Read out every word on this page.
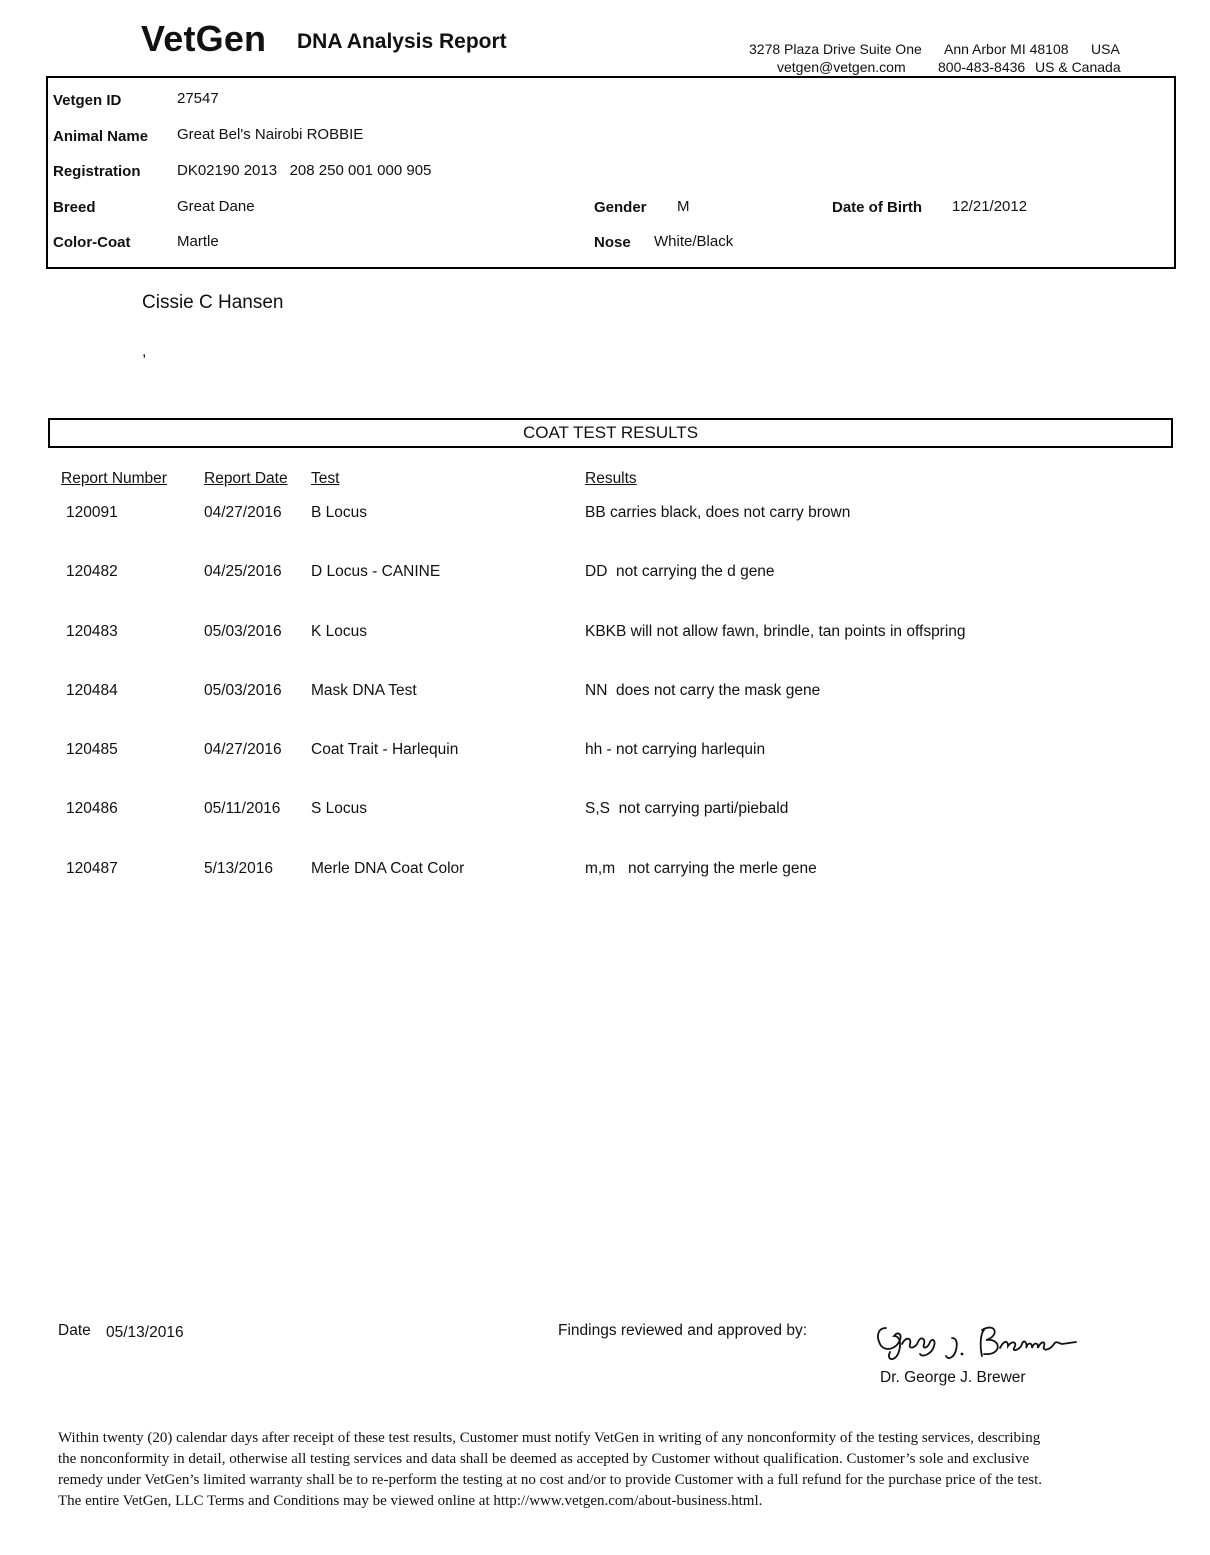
VetGen DNA Analysis Report	3278 Plaza Drive Suite One Ann Arbor MI 48108 USA
vetgen@vetgen.com 800-483-8436 US & Canada
Vetgen ID	27547
Animal Name Great Bel's Nairobi ROBBIE
Registration DK02190 2013   208 250 001 000 905
Breed	Great Dane	Gender M	Date of Birth 12/21/2012
Color-Coat	Martle	Nose White/Black
Cissie C Hansen
,
COAT TEST RESULTS
Report Number Report Date Test	Results
120091	04/27/2016 B Locus	BB carries black, does not carry brown
120482	04/25/2016 D Locus - CANINE	DD  not carrying the d gene
120483	05/03/2016 K Locus	KBKB will not allow fawn, brindle, tan points in offspring
120484	05/03/2016 Mask DNA Test	NN  does not carry the mask gene
120485	04/27/2016 Coat Trait - Harlequin	hh - not carrying harlequin
120486	05/11/2016 S Locus	S,S  not carrying parti/piebald
120487	5/13/2016 Merle DNA Coat Color	m,m   not carrying the merle gene
Date 05/13/2016	Findings reviewed and approved by:
Dr. George J. Brewer
Within twenty (20) calendar days after receipt of these test results, Customer must notify VetGen in writing of any nonconformity of the testing services, describing the nonconformity in detail, otherwise all testing services and data shall be deemed as accepted by Customer without qualification. Customer’s sole and exclusive remedy under VetGen’s limited warranty shall be to re-perform the testing at no cost and/or to provide Customer with a full refund for the purchase price of the test. The entire VetGen, LLC Terms and Conditions may be viewed online at http://www.vetgen.com/about-business.html.
